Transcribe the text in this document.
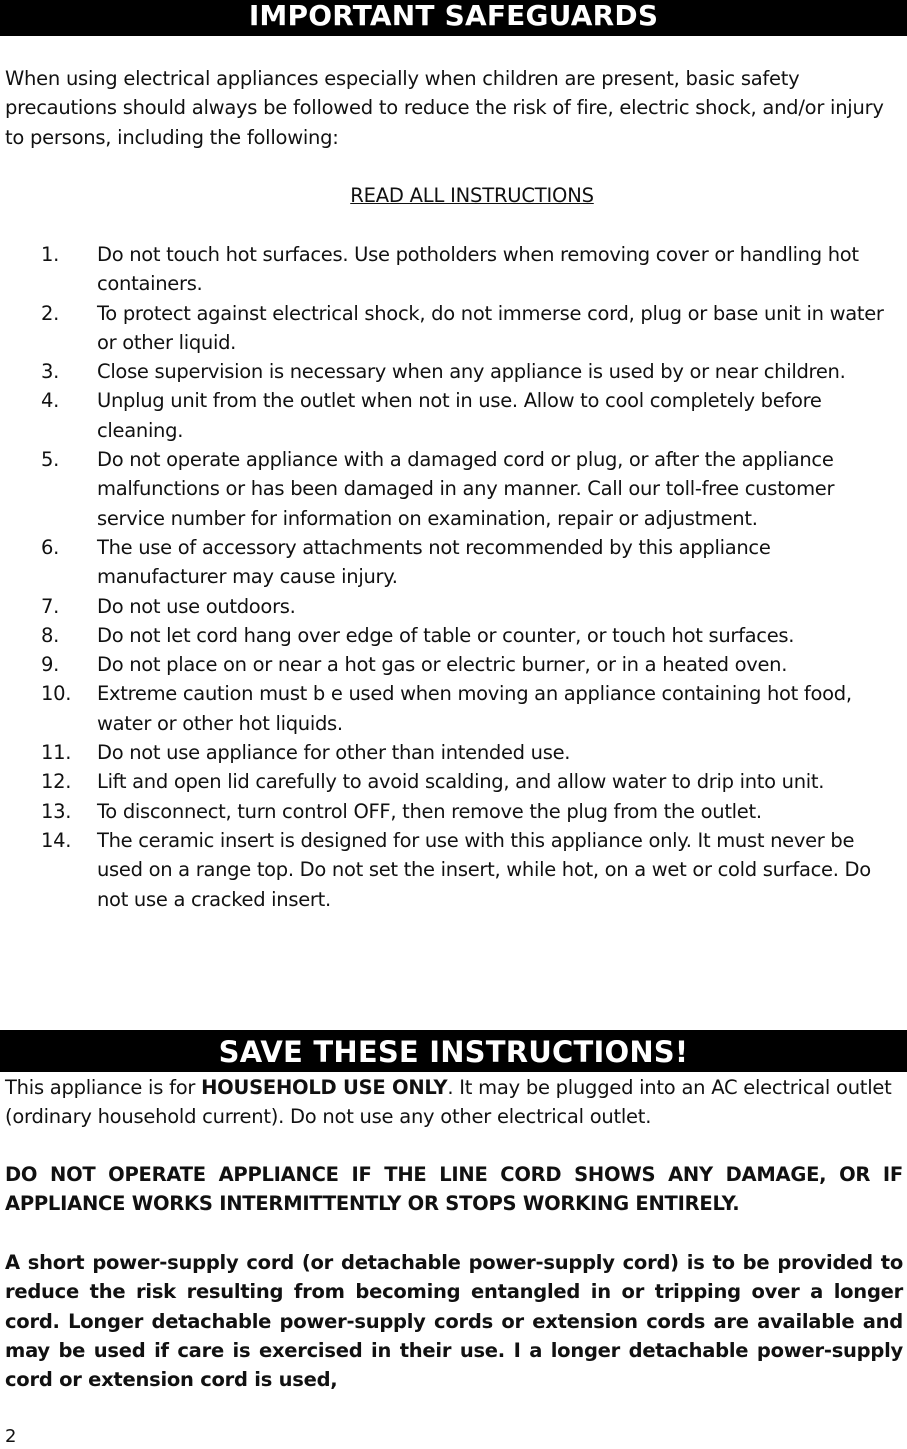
IMPORTANT SAFEGUARDS

When using electrical appliances especially when children are present, basic safety precautions should always be followed to reduce the risk of fire, electric shock, and/or injury to persons, including the following:

READ ALL INSTRUCTIONS
1. Do not touch hot surfaces. Use potholders when removing cover or handling hot containers.
2. To protect against electrical shock, do not immerse cord, plug or base unit in water or other liquid.
3. Close supervision is necessary when any appliance is used by or near children.
4. Unplug unit from the outlet when not in use. Allow to cool completely before cleaning.
5. Do not operate appliance with a damaged cord or plug, or after the appliance malfunctions or has been damaged in any manner. Call our toll-free customer service number for information on examination, repair or adjustment.
6. The use of accessory attachments not recommended by this appliance manufacturer may cause injury.
7. Do not use outdoors.
8. Do not let cord hang over edge of table or counter, or touch hot surfaces.
9. Do not place on or near a hot gas or electric burner, or in a heated oven.
10. Extreme caution must b e used when moving an appliance containing hot food, water or other hot liquids.
11. Do not use appliance for other than intended use.
12. Lift and open lid carefully to avoid scalding, and allow water to drip into unit.
13. To disconnect, turn control OFF, then remove the plug from the outlet.
14. The ceramic insert is designed for use with this appliance only. It must never be used on a range top. Do not set the insert, while hot, on a wet or cold surface. Do not use a cracked insert.
SAVE THESE INSTRUCTIONS!

This appliance is for HOUSEHOLD USE ONLY. It may be plugged into an AC electrical outlet (ordinary household current). Do not use any other electrical outlet.

DO NOT OPERATE APPLIANCE IF THE LINE CORD SHOWS ANY DAMAGE, OR IF APPLIANCE WORKS INTERMITTENTLY OR STOPS WORKING ENTIRELY.

A short power-supply cord (or detachable power-supply cord) is to be provided to reduce the risk resulting from becoming entangled in or tripping over a longer cord. Longer detachable power-supply cords or extension cords are available and may be used if care is exercised in their use. I a longer detachable power-supply cord or extension cord is used,

2
